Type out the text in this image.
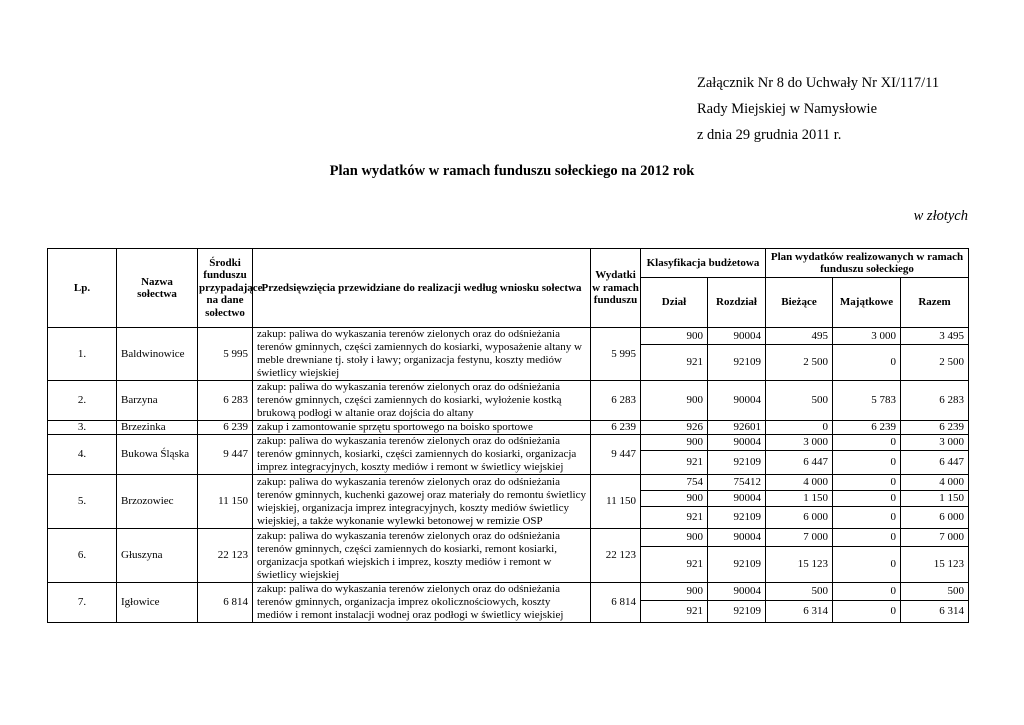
Załącznik Nr 8 do Uchwały Nr XI/117/11
Rady Miejskiej w Namysłowie
z dnia 29 grudnia 2011 r.
Plan wydatków w ramach funduszu sołeckiego na 2012 rok
w złotych
Lp.	Nazwa sołectwa	Środki funduszu przypadające na dane sołectwo	Przedsięwzięcia przewidziane do realizacji według wniosku sołectwa	Wydatki w ramach funduszu	Klasyfikacja budżetowa		Plan wydatków realizowanych w ramach funduszu sołeckiego		
					Dział	Rozdział	Bieżące	Majątkowe	Razem
1.	Baldwinowice	5 995	zakup: paliwa do wykaszania terenów zielonych oraz do odśnieżania terenów gminnych, części zamiennych do kosiarki, wyposażenie altany w meble drewniane tj. stoły i ławy; organizacja festynu, koszty mediów świetlicy wiejskiej	5 995	900	90004	495	3 000	3 495
					921	92109	2 500	0	2 500
2.	Barzyna	6 283	zakup: paliwa do wykaszania terenów zielonych oraz do odśnieżania terenów gminnych, części zamiennych do kosiarki, wyłożenie kostką brukową podłogi w altanie oraz dojścia do altany	6 283	900	90004	500	5 783	6 283
3.	Brzezinka	6 239	zakup i zamontowanie sprzętu sportowego na boisko sportowe	6 239	926	92601	0	6 239	6 239
4.	Bukowa Śląska	9 447	zakup: paliwa do wykaszania terenów zielonych oraz do odśnieżania terenów gminnych, kosiarki, części zamiennych do kosiarki, organizacja imprez integracyjnych, koszty mediów i remont w świetlicy wiejskiej	9 447	900	90004	3 000	0	3 000
					921	92109	6 447	0	6 447
5.	Brzozowiec	11 150	zakup: paliwa do wykaszania terenów zielonych oraz do odśnieżania terenów gminnych, kuchenki gazowej oraz materiały do remontu świetlicy wiejskiej, organizacja imprez integracyjnych, koszty mediów świetlicy wiejskiej, a także wykonanie wylewki betonowej w remizie OSP	11 150	754	75412	4 000	0	4 000
					900	90004	1 150	0	1 150
					921	92109	6 000	0	6 000
6.	Głuszyna	22 123	zakup: paliwa do wykaszania terenów zielonych oraz do odśnieżania terenów gminnych, części zamiennych do kosiarki, remont kosiarki, organizacja spotkań wiejskich i imprez, koszty mediów i remont w świetlicy wiejskiej	22 123	900	90004	7 000	0	7 000
					921	92109	15 123	0	15 123
7.	Igłowice	6 814	zakup: paliwa do wykaszania terenów zielonych oraz do odśnieżania terenów gminnych, organizacja imprez okolicznościowych, koszty mediów i remont instalacji wodnej oraz podłogi w świetlicy wiejskiej	6 814	900	90004	500	0	500
					921	92109	6 314	0	6 314
